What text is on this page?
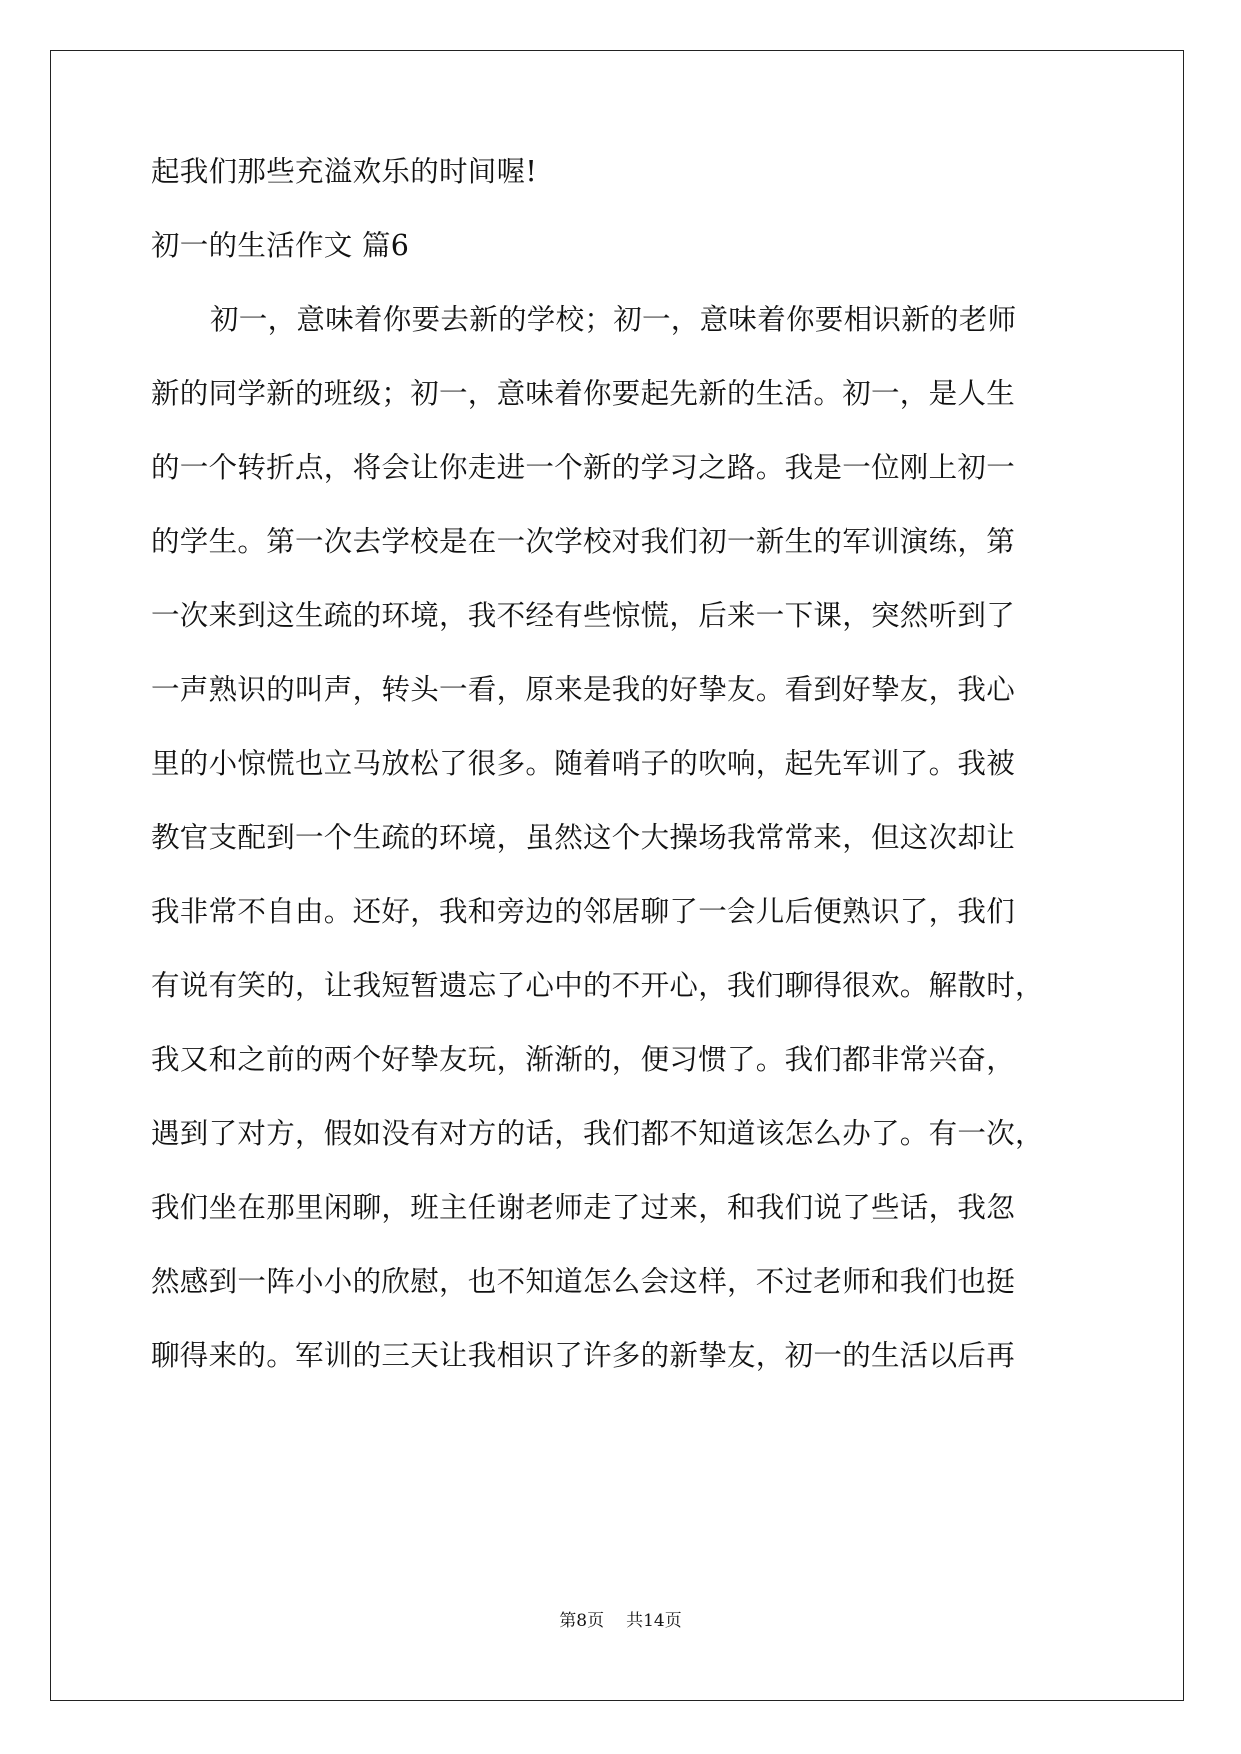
起我们那些充溢欢乐的时间喔!
初一的生活作文 篇6
初一，意味着你要去新的学校；初一，意味着你要相识新的老师
新的同学新的班级；初一，意味着你要起先新的生活。初一，是人生
的一个转折点，将会让你走进一个新的学习之路。我是一位刚上初一
的学生。第一次去学校是在一次学校对我们初一新生的军训演练，第
一次来到这生疏的环境，我不经有些惊慌，后来一下课，突然听到了
一声熟识的叫声，转头一看，原来是我的好挚友。看到好挚友，我心
里的小惊慌也立马放松了很多。随着哨子的吹响，起先军训了。我被
教官支配到一个生疏的环境，虽然这个大操场我常常来，但这次却让
我非常不自由。还好，我和旁边的邻居聊了一会儿后便熟识了，我们
有说有笑的，让我短暂遗忘了心中的不开心，我们聊得很欢。解散时，
我又和之前的两个好挚友玩，渐渐的，便习惯了。我们都非常兴奋，
遇到了对方，假如没有对方的话，我们都不知道该怎么办了。有一次，
我们坐在那里闲聊，班主任谢老师走了过来，和我们说了些话，我忽
然感到一阵小小的欣慰，也不知道怎么会这样，不过老师和我们也挺
聊得来的。军训的三天让我相识了许多的新挚友，初一的生活以后再
第8页 共14页
